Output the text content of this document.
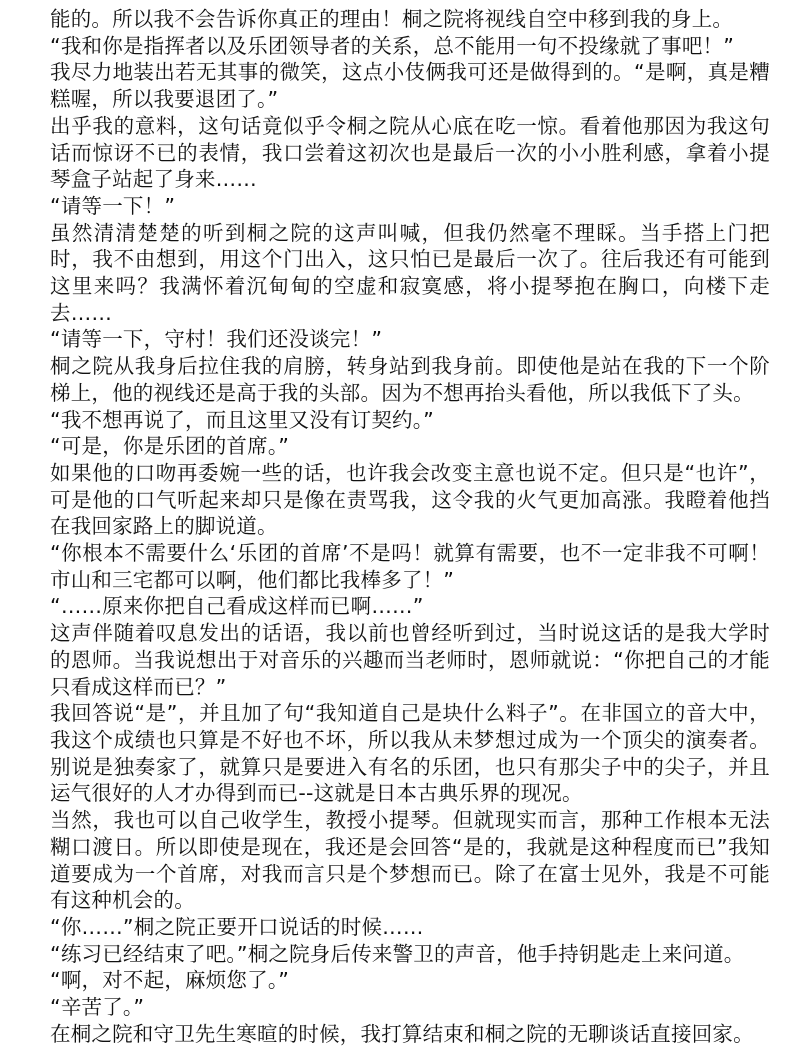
能的。所以我不会告诉你真正的理由！桐之院将视线自空中移到我的身上。

“我和你是指挥者以及乐团领导者的关系，总不能用一句不投缘就了事吧！”

我尽力地装出若无其事的微笑，这点小伎俩我可还是做得到的。“是啊，真是糟糕喔，所以我要退团了。”

出乎我的意料，这句话竟似乎令桐之院从心底在吃一惊。看着他那因为我这句话而惊讶不已的表情，我口尝着这初次也是最后一次的小小胜利感，拿着小提琴盒子站起了身来……

“请等一下！”

虽然清清楚楚的听到桐之院的这声叫喊，但我仍然毫不理睬。当手搭上门把时，我不由想到，用这个门出入，这只怕已是最后一次了。往后我还有可能到这里来吗？我满怀着沉甸甸的空虚和寂寞感，将小提琴抱在胸口，向楼下走去……

“请等一下，守村！我们还没谈完！”

桐之院从我身后拉住我的肩膀，转身站到我身前。即使他是站在我的下一个阶梯上，他的视线还是高于我的头部。因为不想再抬头看他，所以我低下了头。

“我不想再说了，而且这里又没有订契约。”

“可是，你是乐团的首席。”

如果他的口吻再委婉一些的话，也许我会改变主意也说不定。但只是“也许”，可是他的口气听起来却只是像在责骂我，这令我的火气更加高涨。我瞪着他挡在我回家路上的脚说道。

“你根本不需要什么‘乐团的首席’不是吗！就算有需要，也不一定非我不可啊！市山和三宅都可以啊，他们都比我棒多了！”

“……原来你把自己看成这样而已啊……”

这声伴随着叹息发出的话语，我以前也曾经听到过，当时说这话的是我大学时的恩师。当我说想出于对音乐的兴趣而当老师时，恩师就说：“你把自己的才能只看成这样而已？”

我回答说“是”，并且加了句“我知道自己是块什么料子”。在非国立的音大中，我这个成绩也只算是不好也不坏，所以我从未梦想过成为一个顶尖的演奏者。别说是独奏家了，就算只是要进入有名的乐团，也只有那尖子中的尖子，并且运气很好的人才办得到而已--这就是日本古典乐界的现况。

当然，我也可以自己收学生，教授小提琴。但就现实而言，那种工作根本无法糊口渡日。所以即使是现在，我还是会回答“是的，我就是这种程度而已”我知道要成为一个首席，对我而言只是个梦想而已。除了在富士见外，我是不可能有这种机会的。

“你……”桐之院正要开口说话的时候……

“练习已经结束了吧。”桐之院身后传来警卫的声音，他手持钥匙走上来问道。

“啊，对不起，麻烦您了。”

“辛苦了。”

在桐之院和守卫先生寒暄的时候，我打算结束和桐之院的无聊谈话直接回家。
